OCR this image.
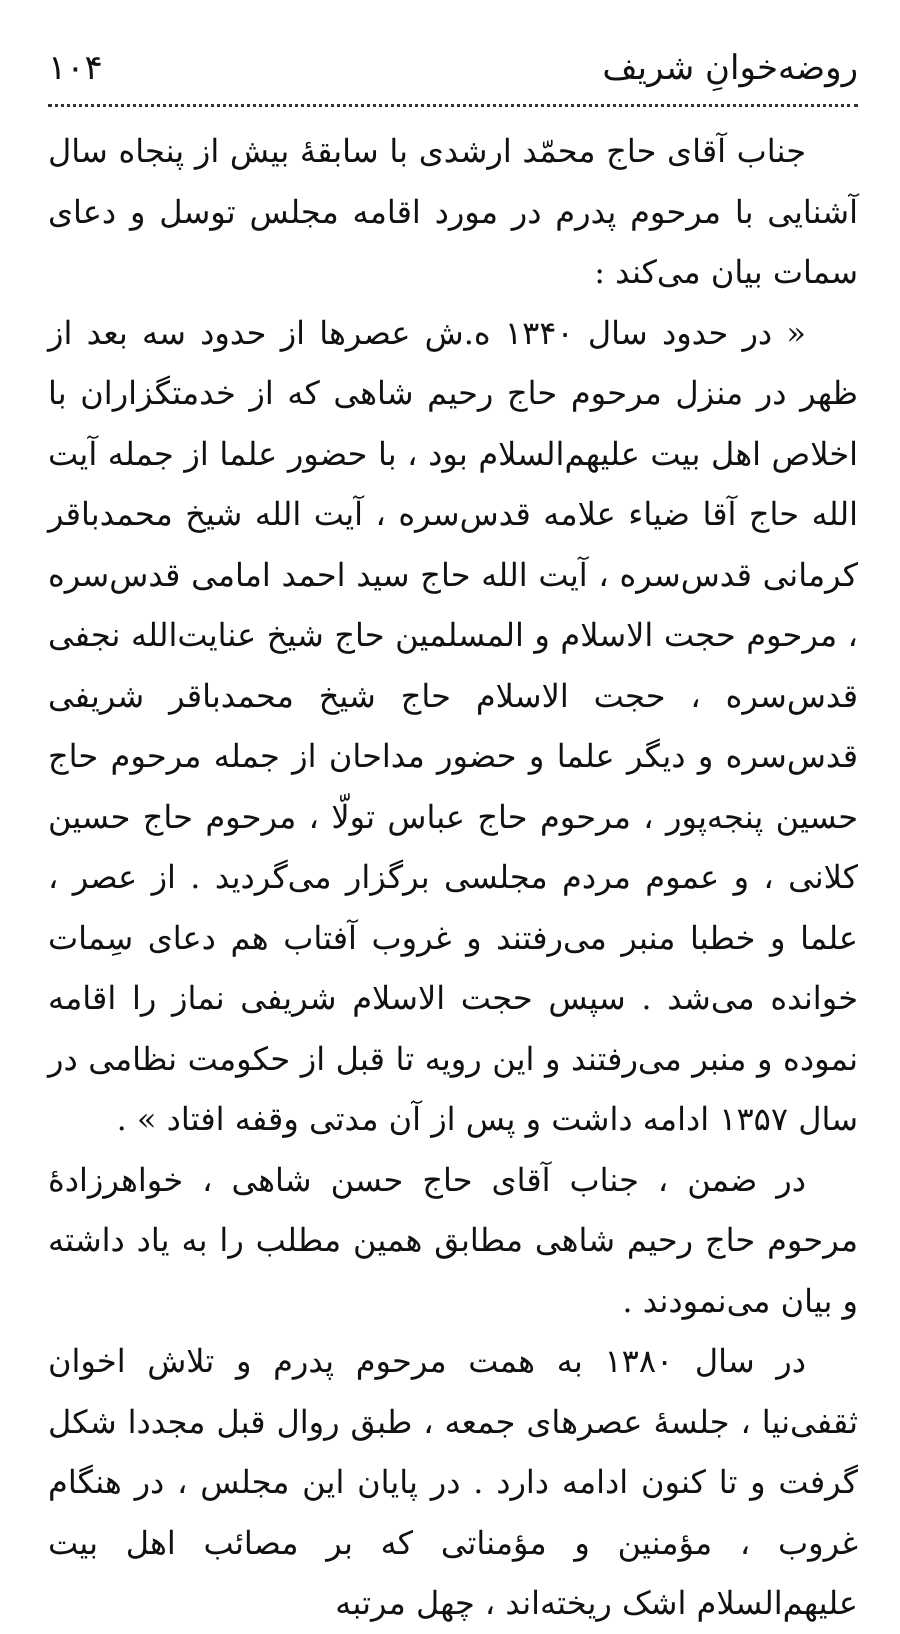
روضه‌خوانِ شریف
۱۰۴

جناب آقای حاج محمّد ارشدی با سابقهٔ بیش از پنجاه سال آشنایی با مرحوم پدرم در مورد اقامه مجلس توسل و دعای سمات بیان می‌کند :

« در حدود سال ۱۳۴۰ ه.ش عصرها از حدود سه بعد از ظهر در منزل مرحوم حاج رحیم شاهی که از خدمتگزاران با اخلاص اهل بیت علیهم‌السلام بود ، با حضور علما از جمله آیت الله حاج آقا ضیاء علامه قدس‌سره ، آیت الله شیخ محمدباقر کرمانی قدس‌سره ، آیت الله حاج سید احمد امامی قدس‌سره ، مرحوم حجت الاسلام و المسلمین حاج شیخ عنایت‌الله نجفی قدس‌سره ، حجت الاسلام حاج شیخ محمدباقر شریفی قدس‌سره و دیگر علما و حضور مداحان از جمله مرحوم حاج حسین پنجه‌پور ، مرحوم حاج عباس تولّا ، مرحوم حاج حسین کلانی ، و عموم مردم مجلسی برگزار می‌گردید . از عصر ، علما و خطبا منبر می‌رفتند و غروب آفتاب هم دعای سِمات خوانده می‌شد . سپس حجت الاسلام شریفی نماز را اقامه نموده و منبر می‌رفتند و این رویه تا قبل از حکومت نظامی در سال ۱۳۵۷ ادامه داشت و پس از آن مدتی وقفه افتاد » .

در ضمن ، جناب آقای حاج حسن شاهی ، خواهرزادهٔ مرحوم حاج رحیم شاهی مطابق همین مطلب را به یاد داشته و بیان می‌نمودند .

در سال ۱۳۸۰ به همت مرحوم پدرم و تلاش اخوان ثقفی‌نیا ، جلسهٔ عصرهای جمعه ، طبق روال قبل مجددا شکل گرفت و تا کنون ادامه دارد . در پایان این مجلس ، در هنگام غروب ، مؤمنین و مؤمناتی که بر مصائب اهل بیت علیهم‌السلام اشک ریخته‌اند ، چهل مرتبه
